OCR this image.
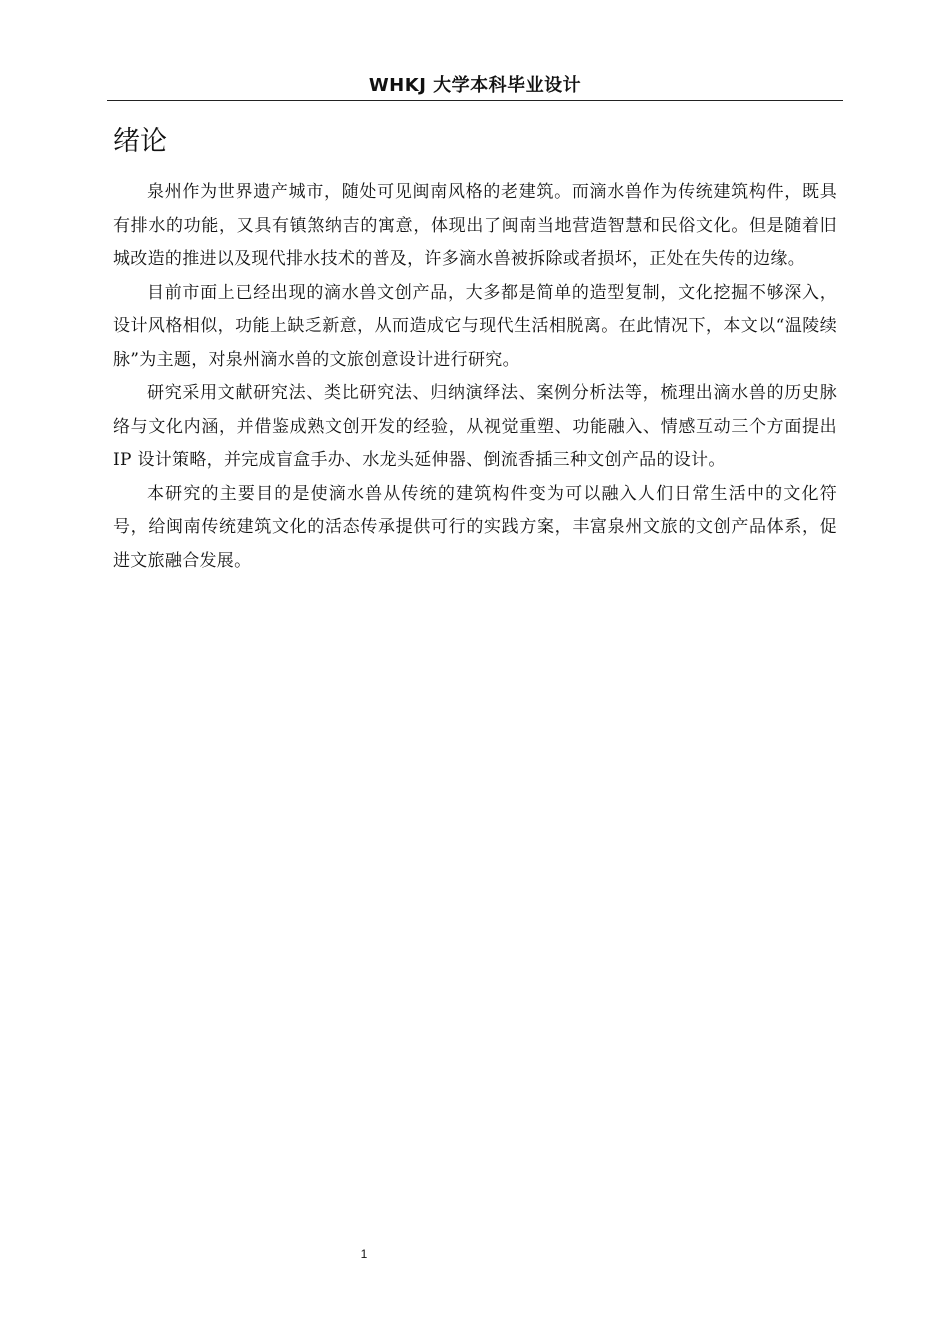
WHKJ 大学本科毕业设计
绪论

泉州作为世界遗产城市，随处可见闽南风格的老建筑。而滴水兽作为传统建筑构件，既具有排水的功能，又具有镇煞纳吉的寓意，体现出了闽南当地营造智慧和民俗文化。但是随着旧城改造的推进以及现代排水技术的普及，许多滴水兽被拆除或者损坏，正处在失传的边缘。

目前市面上已经出现的滴水兽文创产品，大多都是简单的造型复制，文化挖掘不够深入，设计风格相似，功能上缺乏新意，从而造成它与现代生活相脱离。在此情况下，本文以“温陵续脉”为主题，对泉州滴水兽的文旅创意设计进行研究。

研究采用文献研究法、类比研究法、归纳演绎法、案例分析法等，梳理出滴水兽的历史脉络与文化内涵，并借鉴成熟文创开发的经验，从视觉重塑、功能融入、情感互动三个方面提出 IP 设计策略，并完成盲盒手办、水龙头延伸器、倒流香插三种文创产品的设计。

本研究的主要目的是使滴水兽从传统的建筑构件变为可以融入人们日常生活中的文化符号，给闽南传统建筑文化的活态传承提供可行的实践方案，丰富泉州文旅的文创产品体系，促进文旅融合发展。

1
